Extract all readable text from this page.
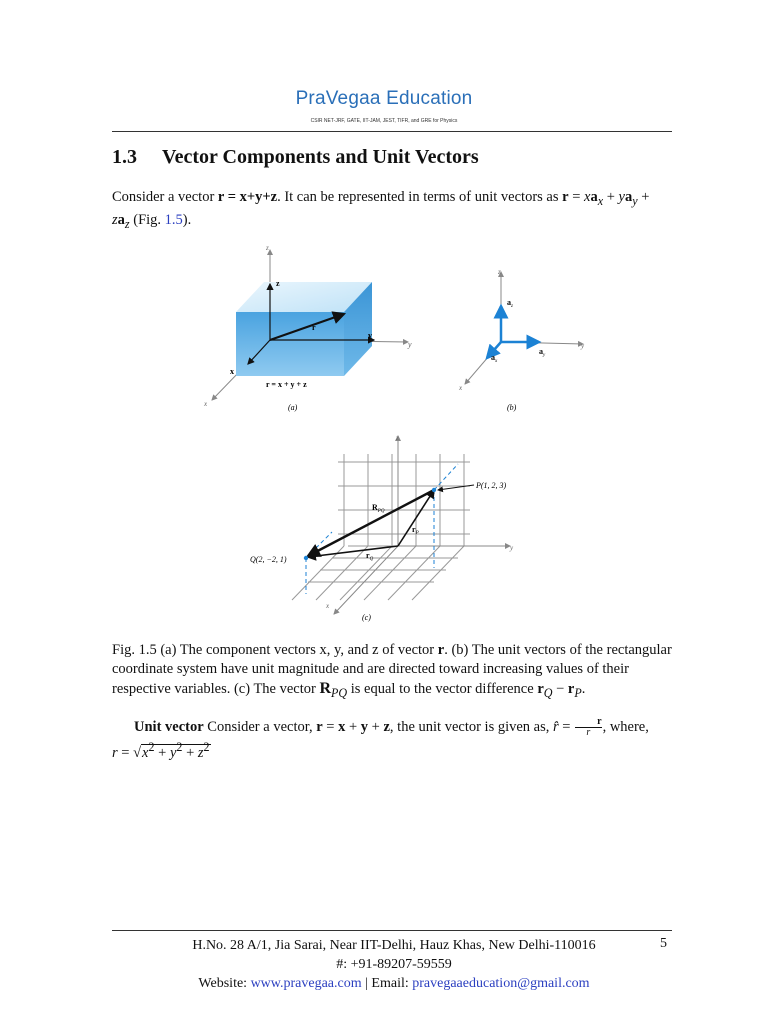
PraVegaa Education
CSIR NET-JRF, GATE, IIT-JAM, JEST, TIFR, and GRE for Physics
1.3 Vector Components and Unit Vectors
Consider a vector r = x+y+z. It can be represented in terms of unit vectors as $r = xa_x + ya_y$ +
$za_z$ (Fig. 1.5).
z
z
y
y
r
x
x
r = x + y + z
(a)
z
$a_z$
$a_y$
y
$a_x$
x
(b)
z
P(1, 2, 3)
$R_{PQ}$
$r_P$
$r_Q$
y
Q(2, −2, 1)
x
(c)
Fig. 1.5 (a) The component vectors x, y, and z of vector r. (b) The unit vectors of the rectangular coordinate system have unit magnitude and are directed toward increasing values of their respective variables. (c) The vector $R_{PQ}$ is equal to the vector difference $r_Q - r_P$.
Unit vector Consider a vector, r = x + y + z, the unit vector is given as, r̂ = $\frac{r}{r}$, where,
$r = √x^2 + y^2 + z^2$
H.No. 28 A/1, Jia Sarai, Near IIT-Delhi, Hauz Khas, New Delhi-110016	5
#: +91-89207-59559
Website: www.pravegaa.com | Email: pravegaaeducation@gmail.com
